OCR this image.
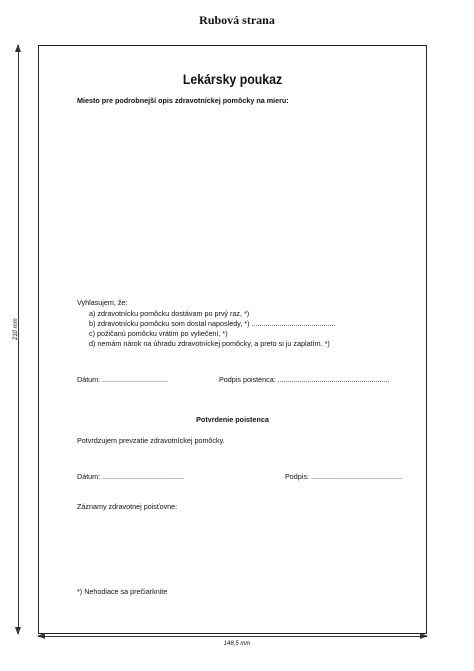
Rubová strana
210 mm
Lekársky poukaz
Miesto pre podrobnejší opis zdravotníckej pomôcky na mieru:
Vyhlasujem, že:
a) zdravotnícku pomôcku dostávam po prvý raz, *)
b) zdravotnícku pomôcku som dostal naposledy, *) ..........................................
c) požičanú pomôcku vrátim po vyliečení, *)
d) nemám nárok na úhradu zdravotníckej pomôcky, a preto si ju zaplatím. *)
Dátum: .................................	Podpis poistenca: ........................................................
Potvrdenie poistenca
Potvrdzujem prevzatie zdravotníckej pomôcky.
Dátum: .........................................	Podpis: ..............................................
Záznamy zdravotnej poisťovne:
*) Nehodiace sa prečiarknite
148,5 mm
